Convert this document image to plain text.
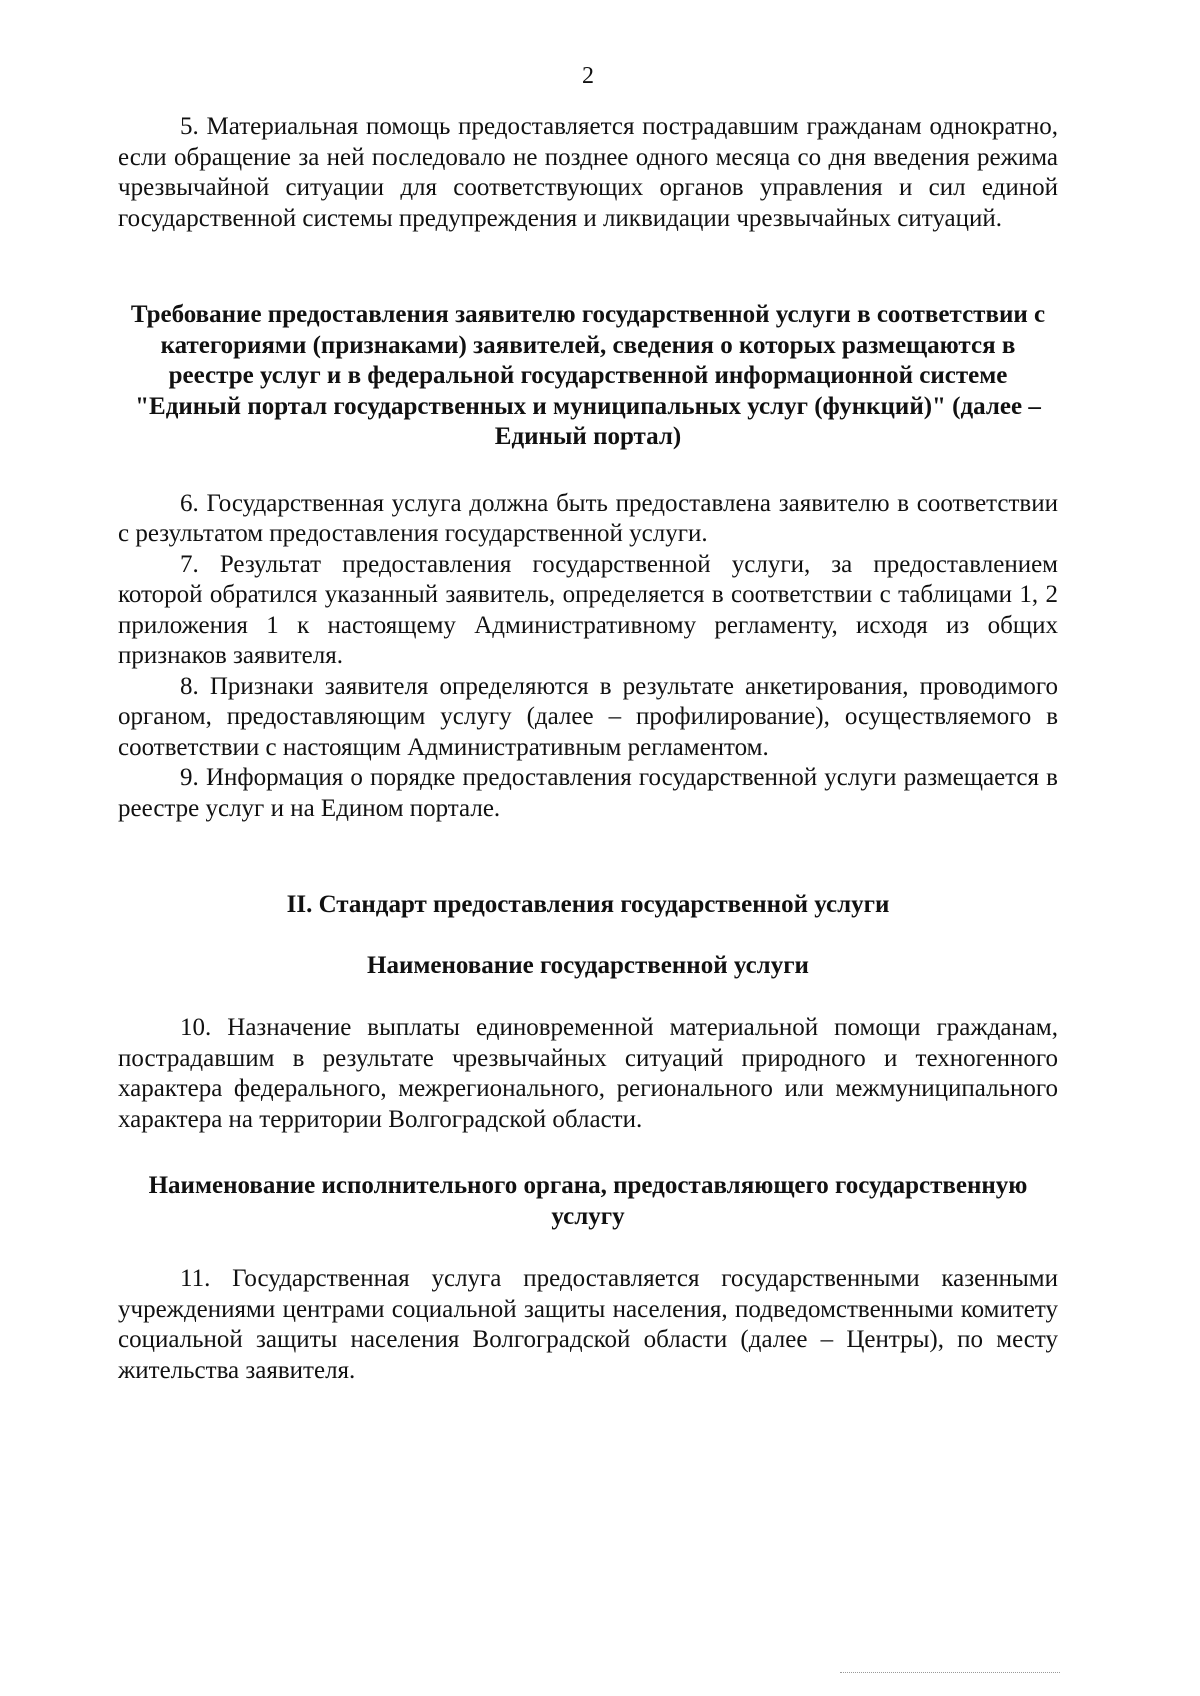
2

5. Материальная помощь предоставляется пострадавшим гражданам однократно, если обращение за ней последовало не позднее одного месяца со дня введения режима чрезвычайной ситуации для соответствующих органов управления и сил единой государственной системы предупреждения и ликвидации чрезвычайных ситуаций.

Требование предоставления заявителю государственной услуги в соответствии с категориями (признаками) заявителей, сведения о которых размещаются в реестре услуг и в федеральной государственной информационной системе "Единый портал государственных и муниципальных услуг (функций)" (далее – Единый портал)

6. Государственная услуга должна быть предоставлена заявителю в соответствии с результатом предоставления государственной услуги.

7. Результат предоставления государственной услуги, за предоставлением которой обратился указанный заявитель, определяется в соответствии с таблицами 1, 2 приложения 1 к настоящему Административному регламенту, исходя из общих признаков заявителя.

8. Признаки заявителя определяются в результате анкетирования, проводимого органом, предоставляющим услугу (далее – профилирование), осуществляемого в соответствии с настоящим Административным регламентом.

9. Информация о порядке предоставления государственной услуги размещается в реестре услуг и на Едином портале.

II. Стандарт предоставления государственной услуги

Наименование государственной услуги

10. Назначение выплаты единовременной материальной помощи гражданам, пострадавшим в результате чрезвычайных ситуаций природного и техногенного характера федерального, межрегионального, регионального или межмуниципального характера на территории Волгоградской области.

Наименование исполнительного органа, предоставляющего государственную услугу

11. Государственная услуга предоставляется государственными казенными учреждениями центрами социальной защиты населения, подведомственными комитету социальной защиты населения Волгоградской области (далее – Центры), по месту жительства заявителя.
